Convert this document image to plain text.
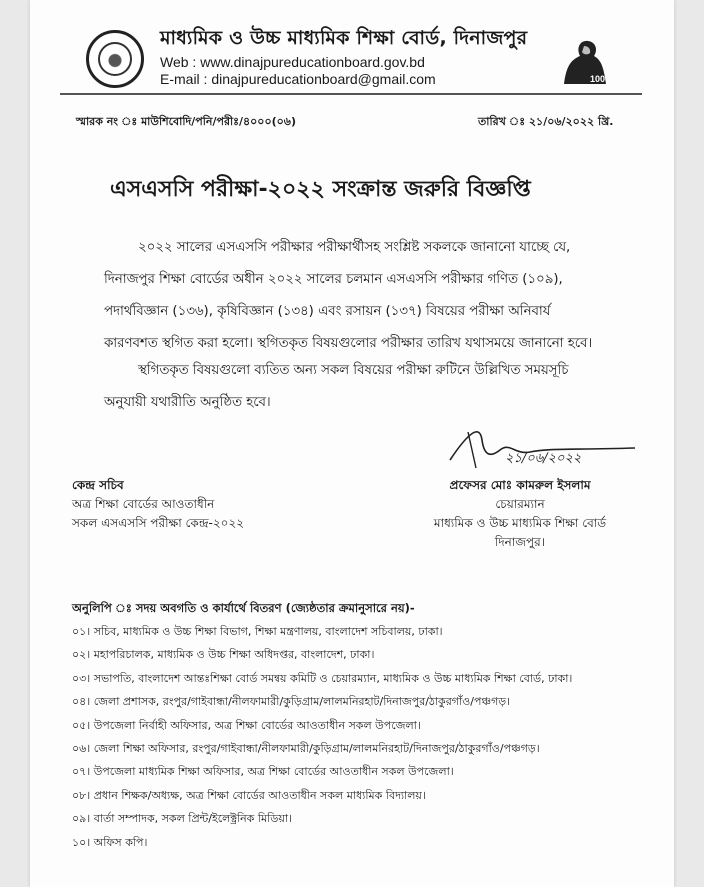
100
মাধ্যমিক ও উচ্চ মাধ্যমিক শিক্ষা বোর্ড, দিনাজপুর
Web : www.dinajpureducationboard.gov.bd
E-mail : dinajpureducationboard@gmail.com
স্মারক নং ঃ মাউশিবোদি/পনি/পরীঃ/৪০০০(০৬)	তারিখ ঃ ২১/০৬/২০২২ খ্রি.
এসএসসি পরীক্ষা-২০২২ সংক্রান্ত জরুরি বিজ্ঞপ্তি
২০২২ সালের এসএসসি পরীক্ষার পরীক্ষার্থীসহ সংশ্লিষ্ট সকলকে জানানো যাচ্ছে যে,
দিনাজপুর শিক্ষা বোর্ডের অধীন ২০২২ সালের চলমান এসএসসি পরীক্ষার গণিত (১০৯),
পদার্থবিজ্ঞান (১৩৬), কৃষিবিজ্ঞান (১৩৪) এবং রসায়ন (১৩৭) বিষয়ের পরীক্ষা অনিবার্য
কারণবশত স্থগিত করা হলো। স্থগিতকৃত বিষয়গুলোর পরীক্ষার তারিখ যথাসময়ে জানানো হবে।
স্থগিতকৃত বিষয়গুলো ব্যতিত অন্য সকল বিষয়ের পরীক্ষা রুটিনে উল্লিখিত সময়সূচি
অনুযায়ী যথারীতি অনুষ্ঠিত হবে।
২১/০৬/২০২২
কেন্দ্র সচিব
অত্র শিক্ষা বোর্ডের আওতাধীন
সকল এসএসসি পরীক্ষা কেন্দ্র-২০২২
প্রফেসর মোঃ কামরুল ইসলাম
চেয়ারম্যান
মাধ্যমিক ও উচ্চ মাধ্যমিক শিক্ষা বোর্ড
দিনাজপুর।
অনুলিপি ঃ সদয় অবগতি ও কার্যার্থে বিতরণ (জ্যেষ্ঠতার ক্রমানুসারে নয়)-
০১। সচিব, মাধ্যমিক ও উচ্চ শিক্ষা বিভাগ, শিক্ষা মন্ত্রণালয়, বাংলাদেশ সচিবালয়, ঢাকা।
০২। মহাপরিচালক, মাধ্যমিক ও উচ্চ শিক্ষা অধিদপ্তর, বাংলাদেশ, ঢাকা।
০৩। সভাপতি, বাংলাদেশ আন্তঃশিক্ষা বোর্ড সমন্বয় কমিটি ও চেয়ারম্যান, মাধ্যমিক ও উচ্চ মাধ্যমিক শিক্ষা বোর্ড, ঢাকা।
০৪। জেলা প্রশাসক, রংপুর/গাইবান্ধা/নীলফামারী/কুড়িগ্রাম/লালমনিরহাট/দিনাজপুর/ঠাকুরগাঁও/পঞ্চগড়।
০৫। উপজেলা নির্বাহী অফিসার, অত্র শিক্ষা বোর্ডের আওতাধীন সকল উপজেলা।
০৬। জেলা শিক্ষা অফিসার, রংপুর/গাইবান্ধা/নীলফামারী/কুড়িগ্রাম/লালমনিরহাট/দিনাজপুর/ঠাকুরগাঁও/পঞ্চগড়।
০৭। উপজেলা মাধ্যমিক শিক্ষা অফিসার, অত্র শিক্ষা বোর্ডের আওতাধীন সকল উপজেলা।
০৮। প্রধান শিক্ষক/অধ্যক্ষ, অত্র শিক্ষা বোর্ডের আওতাধীন সকল মাধ্যমিক বিদ্যালয়।
০৯। বার্তা সম্পাদক, সকল প্রিন্ট/ইলেক্ট্রনিক মিডিয়া।
১০। অফিস কপি।
